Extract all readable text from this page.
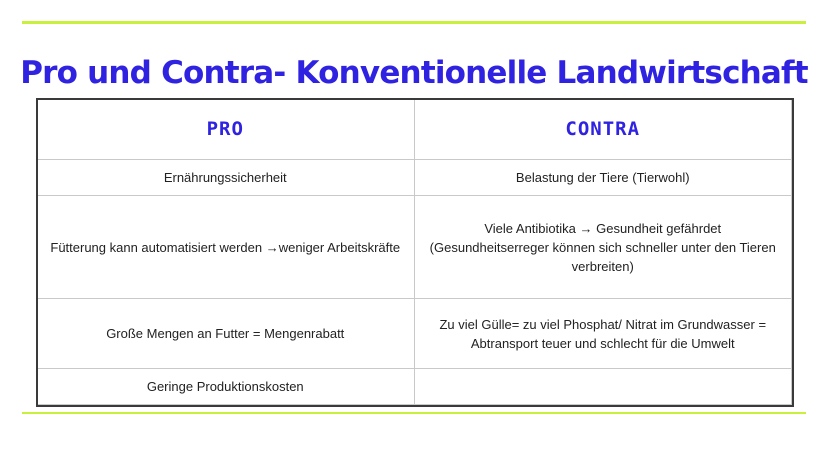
Pro und Contra- Konventionelle Landwirtschaft
PRO	CONTRA
Ernährungssicherheit	Belastung der Tiere (Tierwohl)
Fütterung kann automatisiert werden →weniger Arbeitskräfte	Viele Antibiotika → Gesundheit gefährdet (Gesundheitserreger können sich schneller unter den Tieren verbreiten)
Große Mengen an Futter = Mengenrabatt	Zu viel Gülle= zu viel Phosphat/ Nitrat im Grundwasser = Abtransport teuer und schlecht für die Umwelt
Geringe Produktionskosten	
